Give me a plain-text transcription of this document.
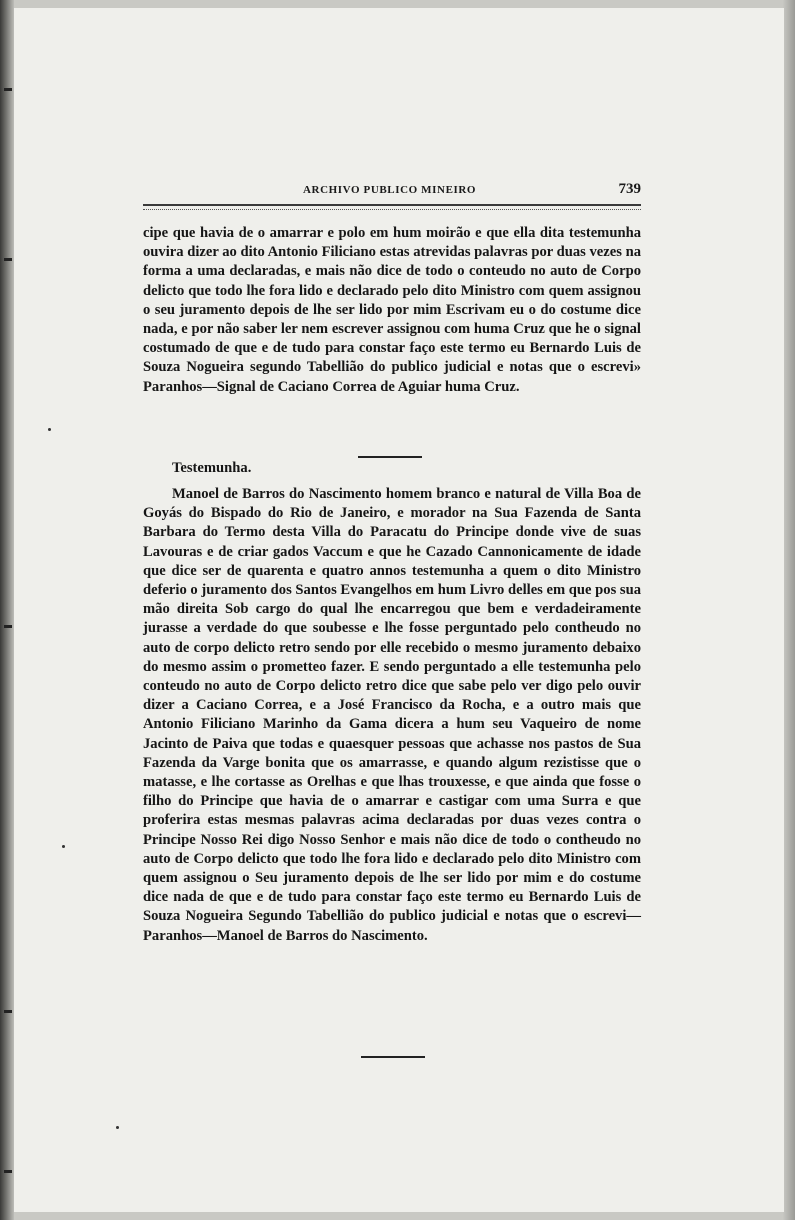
ARCHIVO PUBLICO MINEIRO	739
cipe que havia de o amarrar e polo em hum moirão e que ella dita testemunha ouvira dizer ao dito Antonio Filiciano estas atrevidas palavras por duas vezes na forma a uma declaradas, e mais não dice de todo o conteudo no auto de Corpo delicto que todo lhe fora lido e declarado pelo dito Ministro com quem assignou o seu juramento depois de lhe ser lido por mim Escrivam eu o do costume dice nada, e por não saber ler nem escrever assignou com huma Cruz que he o signal costumado de que e de tudo para constar faço este termo eu Bernardo Luis de Souza Nogueira segundo Tabellião do publico judicial e notas que o escrevi» Paranhos—Signal de Caciano Correa de Aguiar huma Cruz.
Testemunha.
Manoel de Barros do Nascimento homem branco e natural de Villa Boa de Goyás do Bispado do Rio de Janeiro, e morador na Sua Fazenda de Santa Barbara do Termo desta Villa do Paracatu do Principe donde vive de suas Lavouras e de criar gados Vaccum e que he Cazado Cannonicamente de idade que dice ser de quarenta e quatro annos testemunha a quem o dito Ministro deferio o juramento dos Santos Evangelhos em hum Livro delles em que pos sua mão direita Sob cargo do qual lhe encarregou que bem e verdadeiramente jurasse a verdade do que soubesse e lhe fosse perguntado pelo contheudo no auto de corpo delicto retro sendo por elle recebido o mesmo juramento debaixo do mesmo assim o prometteo fazer. E sendo perguntado a elle testemunha pelo conteudo no auto de Corpo delicto retro dice que sabe pelo ver digo pelo ouvir dizer a Caciano Correa, e a José Francisco da Rocha, e a outro mais que Antonio Filiciano Marinho da Gama dicera a hum seu Vaqueiro de nome Jacinto de Paiva que todas e quaesquer pessoas que achasse nos pastos de Sua Fazenda da Varge bonita que os amarrasse, e quando algum rezistisse que o matasse, e lhe cortasse as Orelhas e que lhas trouxesse, e que ainda que fosse o filho do Principe que havia de o amarrar e castigar com uma Surra e que proferira estas mesmas palavras acima declaradas por duas vezes contra o Principe Nosso Rei digo Nosso Senhor e mais não dice de todo o contheudo no auto de Corpo delicto que todo lhe fora lido e declarado pelo dito Ministro com quem assignou o Seu juramento depois de lhe ser lido por mim e do costume dice nada de que e de tudo para constar faço este termo eu Bernardo Luis de Souza Nogueira Segundo Tabellião do publico judicial e notas que o escrevi—Paranhos—Manoel de Barros do Nascimento.
